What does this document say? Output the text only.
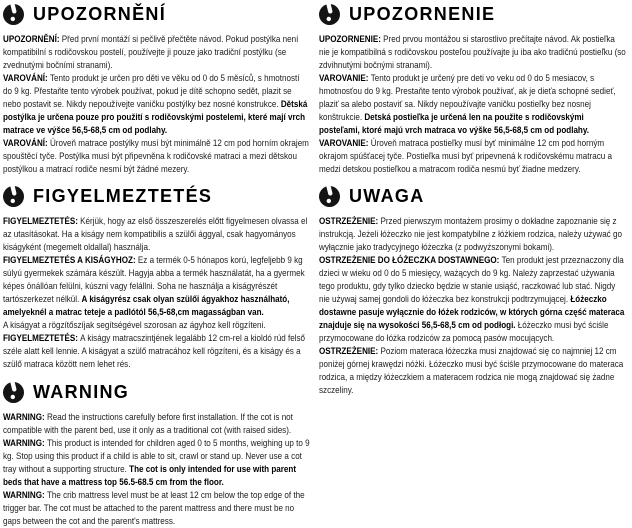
UPOZORNĚNÍ

UPOZORNĚNÍ: Před první montáží si pečlivě přečtěte návod. Pokud postýlka není kompatibilní s rodičovskou postelí, používejte ji pouze jako tradiční postýlku (se zvednutými bočními stranami).

VAROVÁNÍ: Tento produkt je určen pro děti ve věku od 0 do 5 měsíců, s hmotností do 9 kg. Přestaňte tento výrobek používat, pokud je dítě schopno sedět, plazit se nebo postavit se. Nikdy nepoužívejte vaničku postýlky bez nosné konstrukce. Dětská postýlka je určena pouze pro použití s rodičovskými postelemi, které mají vrch matrace ve výšce 56,5-68,5 cm od podlahy.

VAROVÁNÍ: Úroveň matrace postýlky musí být minimálně 12 cm pod horním okrajem spouštěcí tyče. Postýlka musí být připevněna k rodičovské matraci a mezi dětskou postýlkou a matrací rodiče nesmí být žádné mezery.

UPOZORNENIE

UPOZORNENIE: Pred prvou montážou si starostlivo prečítajte návod. Ak postieľka nie je kompatibilná s rodičovskou posteľou používajte ju iba ako tradičnú postieľku (so zdvihnutými bočnými stranami).

VAROVANIE: Tento produkt je určený pre deti vo veku od 0 do 5 mesiacov, s hmotnosťou do 9 kg. Prestaňte tento výrobok používať, ak je dieťa schopné sedieť, plaziť sa alebo postaviť sa. Nikdy nepoužívajte vaničku postieľky bez nosnej konštrukcie. Detská postieľka je určená len na použite s rodičovskými posteľami, ktoré majú vrch matraca vo výške 56,5-68,5 cm od podlahy.

VAROVANIE: Úroveň matraca postieľky musí byť minimálne 12 cm pod horným okrajom spúšťacej tyče. Postieľka musí byť pripevnená k rodičovskému matracu a medzi detskou postieľkou a matracom rodiča nesmú byť žiadne medzery.

FIGYELMEZTETÉS

FIGYELMEZTETÉS: Kérjük, hogy az első összeszerelés előtt figyelmesen olvassa el az utasításokat. Ha a kiságy nem kompatibilis a szülői ággyal, csak hagyományos kiságyként (megemelt oldallal) használja.

FIGYELMEZTETÉS A KISÁGYHOZ: Ez a termék 0-5 hónapos korú, legfeljebb 9 kg súlyú gyermekek számára készült. Hagyja abba a termék használatát, ha a gyermek képes önállóan felülni, kúszni vagy felállni. Soha ne használja a kiságyrészét tartószerkezet nélkül. A kiságyrész csak olyan szülői ágyakhoz használható, amelyeknél a matrac teteje a padlótól 56,5-68,cm magasságban van.

A kiságyat a rögzítőszíjak segítségével szorosan az ágyhoz kell rögzíteni.

FIGYELMEZTETÉS: A kiságy matracszintjének legalább 12 cm-rel a kioldó rúd felső széle alatt kell lennie. A kiságyat a szülő matracához kell rögzíteni, és a kiságy és a szülő matraca között nem lehet rés.

UWAGA

OSTRZEŻENIE: Przed pierwszym montażem prosimy o dokładne zapoznanie się z instrukcją. Jeżeli łóżeczko nie jest kompatybilne z łóżkiem rodzica, należy używać go wyłącznie jako tradycyjnego łóżeczka (z podwyższonymi bokami).

OSTRZEŻENIE DO ŁÓŻECZKA DOSTAWNEGO: Ten produkt jest przeznaczony dla dzieci w wieku od 0 do 5 miesięcy, ważących do 9 kg. Należy zaprzestać używania tego produktu, gdy tylko dziecko będzie w stanie usiąść, raczkować lub stać. Nigdy nie używaj samej gondoli do łóżeczka bez konstrukcji podtrzymującej. Łóżeczko dostawne pasuje wyłącznie do łóżek rodziców, w których górna część materaca znajduje się na wysokości 56,5-68,5 cm od podłogi. Łóżeczko musi być ściśle przymocowane do łóżka rodziców za pomocą pasów mocujących.

OSTRZEŻENIE: Poziom materaca łóżeczka musi znajdować się co najmniej 12 cm poniżej górnej krawędzi nóżki. Łóżeczko musi być ściśle przymocowane do materaca rodzica, a między łóżeczkiem a materacem rodzica nie mogą znajdować się żadne szczeliny.

WARNING

WARNING: Read the instructions carefully before first installation. If the cot is not compatible with the parent bed, use it only as a traditional cot (with raised sides).

WARNING: This product is intended for children aged 0 to 5 months, weighing up to 9 kg. Stop using this product if a child is able to sit, crawl or stand up. Never use a cot tray without a supporting structure. The cot is only intended for use with parent beds that have a mattress top 56.5-68.5 cm from the floor.

WARNING: The crib mattress level must be at least 12 cm below the top edge of the trigger bar. The cot must be attached to the parent mattress and there must be no gaps between the cot and the parent's mattress.
